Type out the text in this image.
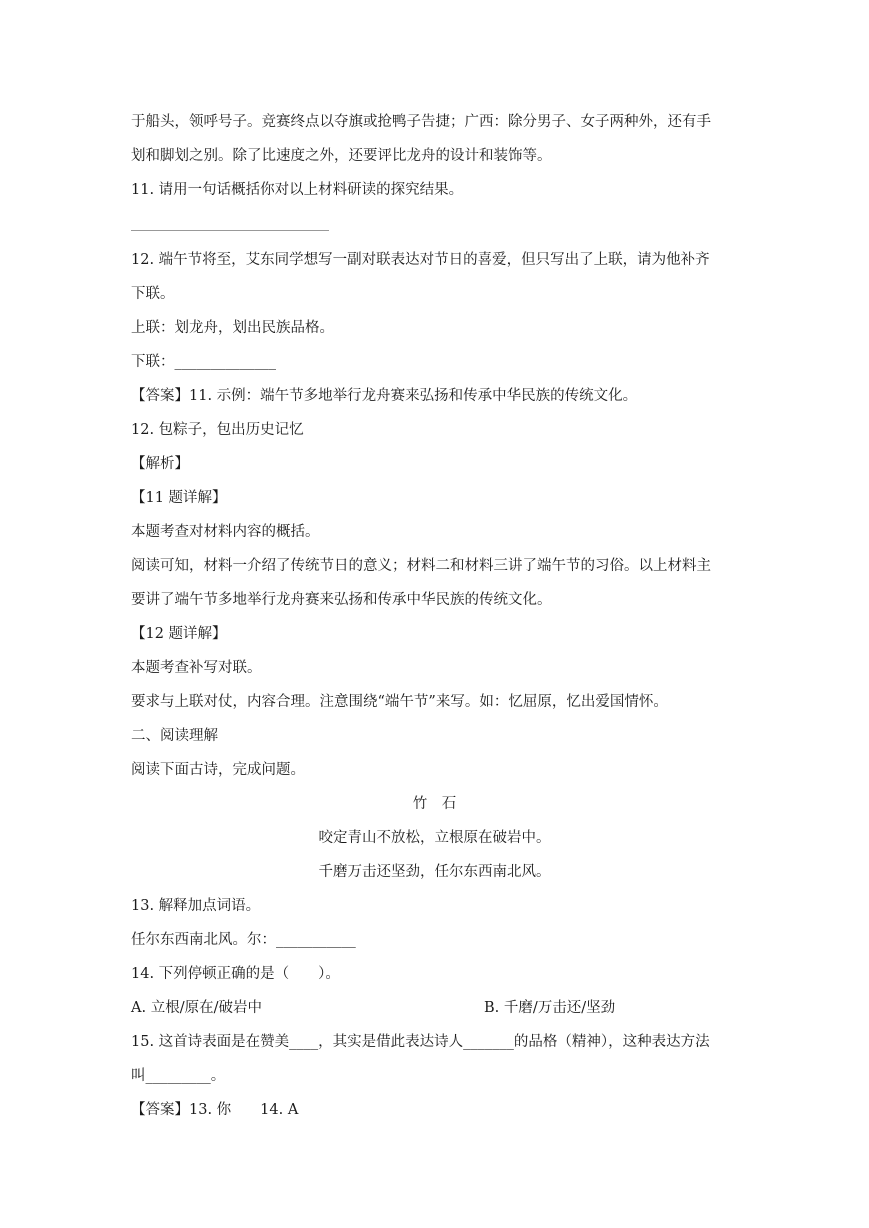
于船头，领呼号子。竞赛终点以夺旗或抢鸭子告捷；广西：除分男子、女子两种外，还有手
划和脚划之别。除了比速度之外，还要评比龙舟的设计和装饰等。
11. 请用一句话概括你对以上材料研读的探究结果。
12. 端午节将至，艾东同学想写一副对联表达对节日的喜爱，但只写出了上联，请为他补齐
下联。
上联：划龙舟，划出民族品格。
下联：______________
【答案】11. 示例：端午节多地举行龙舟赛来弘扬和传承中华民族的传统文化。
12. 包粽子，包出历史记忆
【解析】
【11 题详解】
本题考查对材料内容的概括。
阅读可知，材料一介绍了传统节日的意义；材料二和材料三讲了端午节的习俗。以上材料主
要讲了端午节多地举行龙舟赛来弘扬和传承中华民族的传统文化。
【12 题详解】
本题考查补写对联。
要求与上联对仗，内容合理。注意围绕“端午节”来写。如：忆屈原，忆出爱国情怀。
二、阅读理解
阅读下面古诗，完成问题。
竹　石
咬定青山不放松，立根原在破岩中。
千磨万击还坚劲，任尔东西南北风。
13. 解释加点词语。
任尔东西南北风。尔：___________
14. 下列停顿正确的是（　　）。
A. 立根/原在/破岩中	B. 千磨/万击还/坚劲
15. 这首诗表面是在赞美____，其实是借此表达诗人_______的品格（精神），这种表达方法
叫_________。
【答案】13. 你　　14. A
